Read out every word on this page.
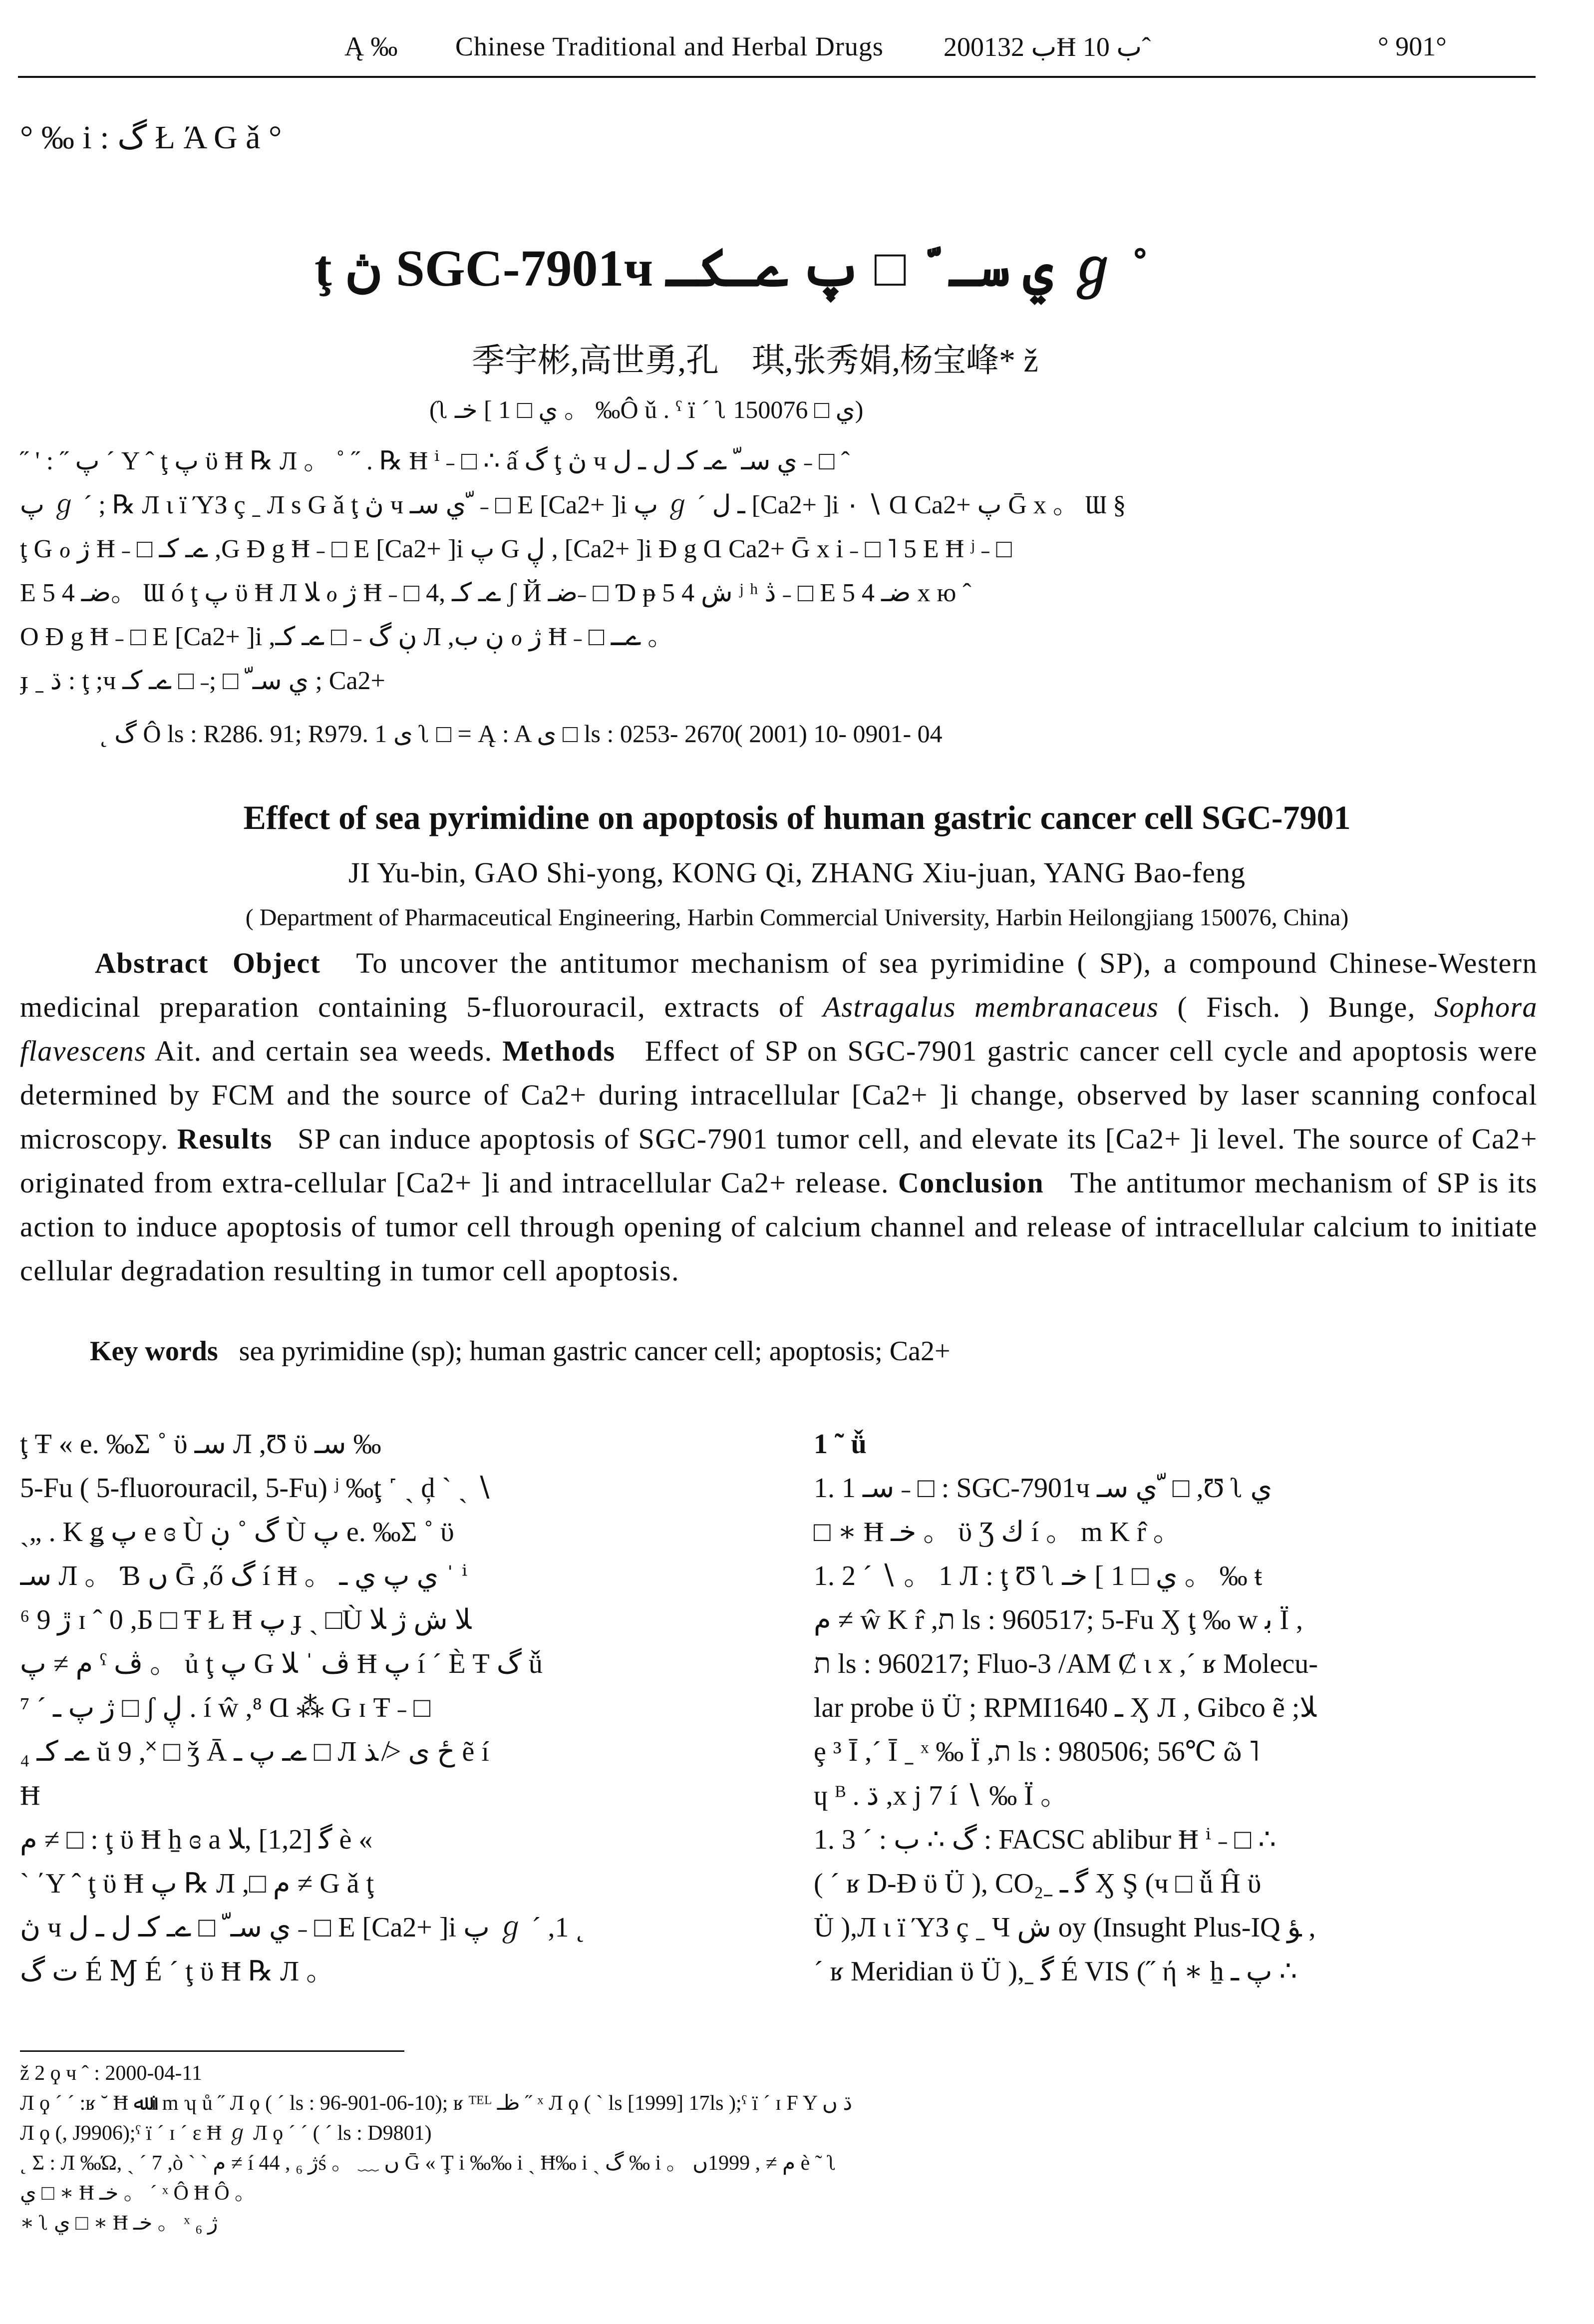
Ą ‰ Chinese Traditional and Herbal Drugs 2001ب 32Ħ ب 10ˆ	° 901°
° ‰ i : گ Ł Ά G ǎ °
ţ ڽ SGC-7901ч ي سـ ّ □ پ ےـکـ ℊ ˚
季宇彬,高世勇,孔　琪,张秀娟,杨宝峰* ž
(ʅ ي □ 1 ] خـ 。 ‰Ô ǔ . ˤ ï ˊ ʅ ي □ 150076)
˝ ' : ˝ پ ˊ Υ ˆ ţ پ ϋ Ħ ℞ Л 。 ˚ ˝ . ℞ Ħ ⁱ ˗ □ ∴ ấ گ ţ ڽ ч ي سـ ّ ےـ کـ ل ـ ل ˗ □ ˆ
پ ℊ ˊ ; ℞ Л ι ï ΎЗ ç ˍ Л s G ǎ ţ ڽ ч ي سـ ّ ˗ □ E [Ca2+ ]i پ ℊ ˊ ـ ل [Ca2+ ]i ۰ ∖ Ɑ Ca2+ پ Ḡ x 。 Ɯ §
ţ G ℴ ژ Ħ ˗ □ ےـ کـ ,G Ɖ g Ħ ˗ □ E [Ca2+ ]i پ G ڸ , [Ca2+ ]i Ɖ g Ɑ Ca2+ Ḡ x i ˗ □ ˥ 5 E Ħ ʲ ˗ □
E 5 4 ضـ。 Ɯ ó ţ پ ϋ Ħ Л ﻼ ℴ ژ Ħ ˗ □ ےـ کـ ,4 ʃ Й ضـ˗ □ Ɗ ᵽ 5 4 ش ʲ ʰ ڎ ˗ □ E 5 4 ضـ x ю ˆ
Ο Ɖ g Ħ ˗ □ E [Ca2+ ]i ,ڹ گ ˗ □ ےـ کـ Л ,ڹ ب ℴ ژ Ħ ˗ □ ےـ 。
ɟ ˍ ڌ : ţ ;ч ي سـ ّ □ ;˗ □ ےـ کـ ; Ca2+
˛ گ Ô ls : R286. 91; R979. 1 ى ʅ □ = Ą : A ى □ ls : 0253- 2670( 2001) 10- 0901- 04
Effect of sea pyrimidine on apoptosis of human gastric cancer cell SGC-7901
JI Yu-bin, GAO Shi-yong, KONG Qi, ZHANG Xiu-juan, YANG Bao-feng
( Department of Pharmaceutical Engineering, Harbin Commercial University, Harbin Heilongjiang 150076, China)
Abstract Object To uncover the antitumor mechanism of sea pyrimidine ( SP), a compound Chinese-Western medicinal preparation containing 5-fluorouracil, extracts of Astragalus membranaceus ( Fisch. ) Bunge, Sophora flavescens Ait. and certain sea weeds. Methods Effect of SP on SGC-7901 gastric cancer cell cycle and apoptosis were determined by FCM and the source of Ca2+ during intracellular [Ca2+ ]i change, observed by laser scanning confocal microscopy. Results SP can induce apoptosis of SGC-7901 tumor cell, and elevate its [Ca2+ ]i level. The source of Ca2+ originated from extra-cellular [Ca2+ ]i and intracellular Ca2+ release. Conclusion The antitumor mechanism of SP is its action to induce apoptosis of tumor cell through opening of calcium channel and release of intracellular calcium to initiate cellular degradation resulting in tumor cell apoptosis.
Key words sea pyrimidine (sp); human gastric cancer cell; apoptosis; Ca2+
ţ Ŧ « e. ‰Σ ˚ ϋ سـ Л ,Ʊ ϋ سـ ‰
5-Fu ( 5-fluorouracil, 5-Fu) ʲ ‰ţ ˹ ˎ ḑ ˋ ˎ ∖
ˎ„ . K ǥ پ e ɞ Ù گ ˚ ڹ Ù پ e. ‰Σ ˚ ϋ
سـ Л 。 Ɓ ں Ḡ ,ő گ í Ħ 。 ي پ ي ـ ˈ ⁱ
⁶ 9 ڙ ɪ ˆ 0 ,Б □ Ŧ Ł Ħ پ ɟ ˏ □Ù ﻼ ﺵ ژ ﻼ
ﻡ ≠ پ ˤ ڤ 。 ủ ţ پ G ڤ ˈ ﻼ Ħ پ í ˊ È Ŧ گ ǚ
⁷ ˊ ژ پ ـ □ ʃ ڸ . í ŵ ,⁸ Ɑ ⁂ G ɪ Ŧ ˗ □
ےـ کـ ₄ ŭ 9 ,˟ □ ǯ Ā ےـ پ ـ □ Л ځ ﻯ ≯ ﺬ ẽ í
Ħ
ﻡ ≠ □ : ţ ϋ Ħ ẖ ɞ a ﮔ [1,2] ,ﻼ è «
ˋ ΄Υ ˆ ţ ϋ Ħ پ ℞ Л ,□ ﻡ ≠ G ǎ ţ
ڽ ч ي سـ ّ □ ےـ کـ ل ـ ل ˗ □ E [Ca2+ ]i پ ℊ ˊ ,1 ˛
ﺕ گ É Ɱ É ˊ ţ ϋ Ħ ℞ Л 。
1 ˜ ǚ
1. 1 سـ ˗ □ : SGC-7901ч ي سـ ّ □ ,Ʊ ʅ ي
□ ∗ Ħ خـ 。 ϋ Ʒ ﻙ í 。 m K r̂ 。
1. 2 ˊ ∖ 。 1 Л : ţ Ʊ ʅ ي □ 1 ] خـ 。 ‰ ŧ
ﻡ ≠ ŵ K r̂ ,ת ls : 960517; 5-Fu Ӽ ţ ‰ w ﺑ Ї ,
ת ls : 960217; Fluo-3 /AM Ȼ ι x ,ˊ ʁ Molecu-
lar probe ϋ Ü ; RPMI1640 ـ Ӽ Л , Gibco ẽ ;ﻼ
ȩ ³ Ī ,ˊ Ī ˍ ˣ ‰ Ї ,ת ls : 980506; 56℃ ῶ ˥
ɥ ᴮ . ڌ ,x j 7 í ∖ ‰ Ї 。
1. 3 ˊ : گ ∴ ب : FACSC ablibur Ħ ⁱ ˗ □ ∴
( ˊ ʁ D-Đ ϋ Ü ), CO₂ˍ ﮔ ـ Ӽ Ş (ч □ ǚ Ĥ ϋ
Ü ),Л ι ï ΎЗ ç ˍ Ч ش oy (Insught Plus-IQ ﺆ ,
ˊ ʁ Meridian ϋ Ü ),ˍ ﮔ É VIS (˝ ή ∗ ẖ پ ـ ∴
ž 2 ϙ ч ˆ : 2000-04-11
Л ϙ ˊ ˊ :ʁ ˘ Ħ ﷲ i m ʮ ů ˝ Л ϙ ( ˊ ls : 96-901-06-10); ʁ ᵀᴱᴸ ظـ ˝ ˣ Л ϙ ( ˋ ls [1999] 17ls );ˤ ï ˊ ɪ F Y ڌ ں
Л ϙ (, J9906);ˤ ï ˊ ɪ ˊ ɛ Ħ ℊ Л ϙ ˊ ˊ ( ˊ ls : D9801)
˛ Σ : Л ‰Ώ, ˎ ˊ 7 ,ò ˋ ˋ ﻡ ≠ í ژ ₆ , 44ś 。 ﹏ ں Ḡ « Ţ i ‰‰ i ˎ Ħ‰ i ˎ گ ‰ i 。 ﻡ ≠ , 1999ں è ˜ ʅ
ي □ ∗ Ħ خـ 。 ˊ ˣ Ô Ħ Ô 。
∗ ʅ ي □ ∗ Ħ خـ 。 ˣ ژ ₆
